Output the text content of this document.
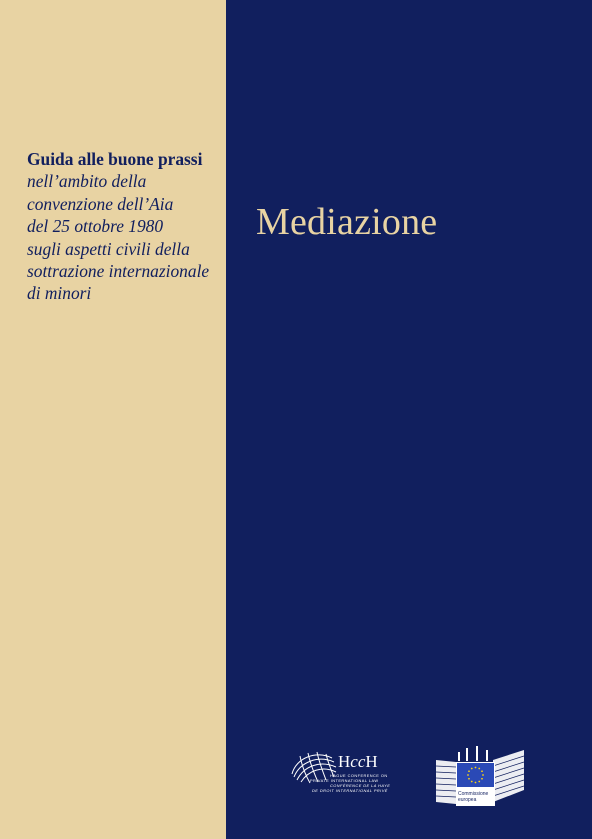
Guida alle buone prassi
nell’ambito della
convenzione dell’Aia
del 25 ottobre 1980
sugli aspetti civili della
sottrazione internazionale
di minori
Mediazione
HccH
HAGUE CONFERENCE ON
PRIVATE INTERNATIONAL LAW
CONFÉRENCE DE LA HAYE
DE DROIT INTERNATIONAL PRIVÉ
Commissione
europea
